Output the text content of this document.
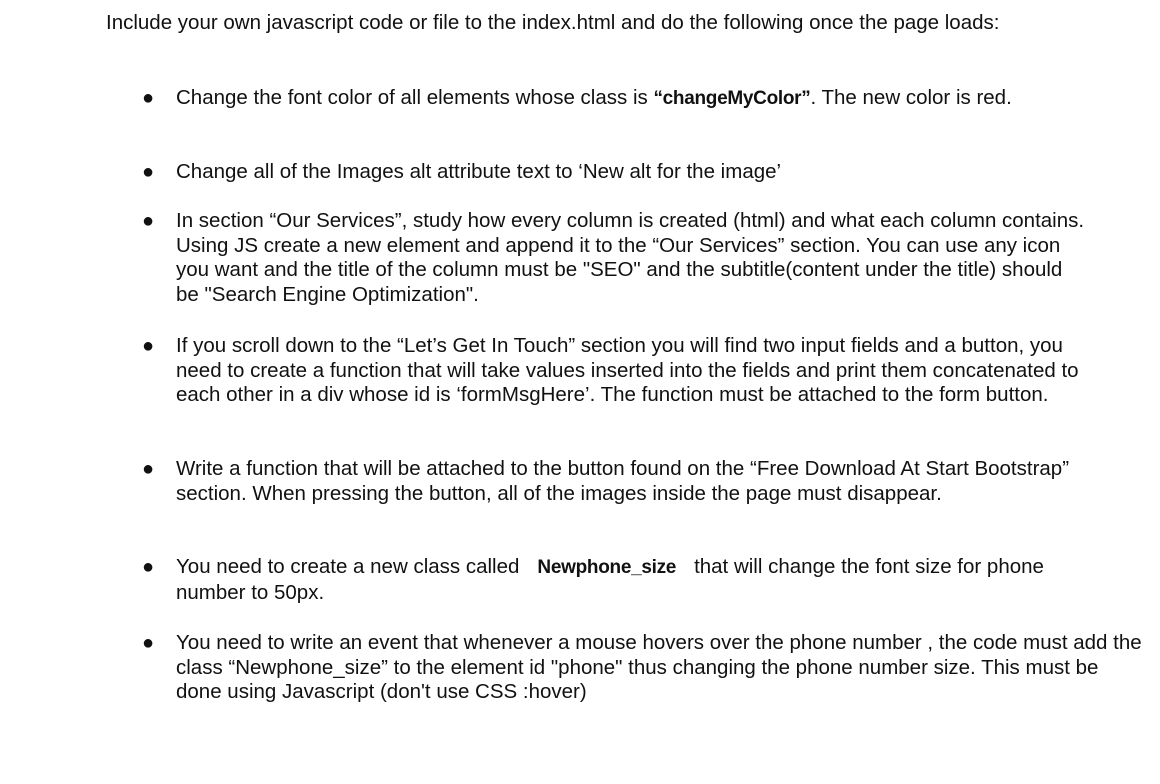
Include your own javascript code or file to the index.html and do the following once the page loads:

● Change the font color of all elements whose class is “changeMyColor”. The new color is red.
● Change all of the Images alt attribute text to ‘New alt for the image’
● In section “Our Services”, study how every column is created (html) and what each column contains. Using JS create a new element and append it to the “Our Services” section. You can use any icon you want and the title of the column must be "SEO" and the subtitle(content under the title) should be "Search Engine Optimization".
● If you scroll down to the “Let’s Get In Touch” section you will find two input fields and a button, you need to create a function that will take values inserted into the fields and print them concatenated to each other in a div whose id is ‘formMsgHere’. The function must be attached to the form button.
● Write a function that will be attached to the button found on the “Free Download At Start Bootstrap” section. When pressing the button, all of the images inside the page must disappear.
● You need to create a new class called Newphone_size that will change the font size for phone number to 50px.
● You need to write an event that whenever a mouse hovers over the phone number , the code must add the class “Newphone_size” to the element id "phone" thus changing the phone number size. This must be done using Javascript (don't use CSS :hover)
